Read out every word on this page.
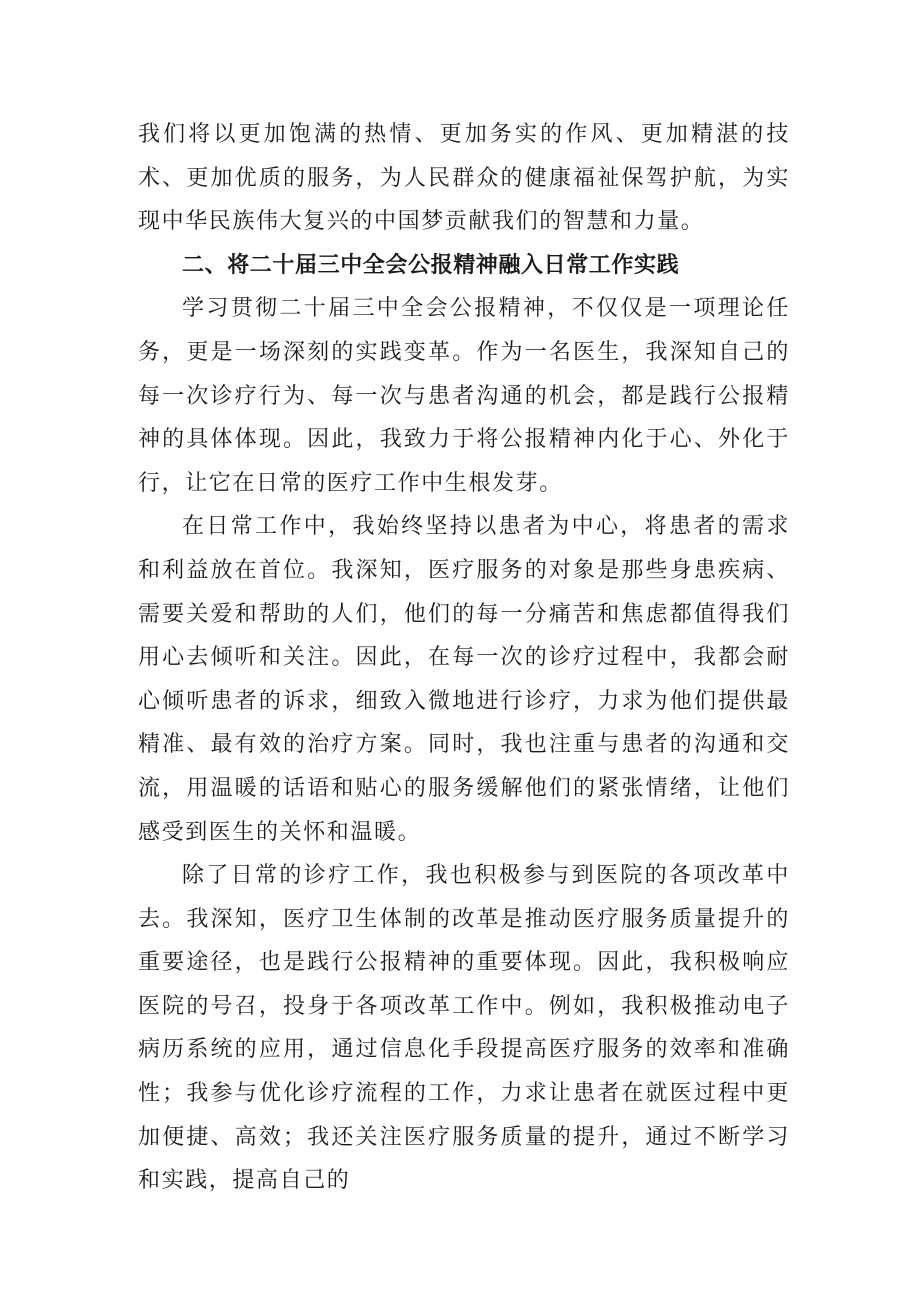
我们将以更加饱满的热情、更加务实的作风、更加精湛的技术、更加优质的服务，为人民群众的健康福祉保驾护航，为实现中华民族伟大复兴的中国梦贡献我们的智慧和力量。

二、将二十届三中全会公报精神融入日常工作实践

学习贯彻二十届三中全会公报精神，不仅仅是一项理论任务，更是一场深刻的实践变革。作为一名医生，我深知自己的每一次诊疗行为、每一次与患者沟通的机会，都是践行公报精神的具体体现。因此，我致力于将公报精神内化于心、外化于行，让它在日常的医疗工作中生根发芽。

在日常工作中，我始终坚持以患者为中心，将患者的需求和利益放在首位。我深知，医疗服务的对象是那些身患疾病、需要关爱和帮助的人们，他们的每一分痛苦和焦虑都值得我们用心去倾听和关注。因此，在每一次的诊疗过程中，我都会耐心倾听患者的诉求，细致入微地进行诊疗，力求为他们提供最精准、最有效的治疗方案。同时，我也注重与患者的沟通和交流，用温暖的话语和贴心的服务缓解他们的紧张情绪，让他们感受到医生的关怀和温暖。

除了日常的诊疗工作，我也积极参与到医院的各项改革中去。我深知，医疗卫生体制的改革是推动医疗服务质量提升的重要途径，也是践行公报精神的重要体现。因此，我积极响应医院的号召，投身于各项改革工作中。例如，我积极推动电子病历系统的应用，通过信息化手段提高医疗服务的效率和准确性；我参与优化诊疗流程的工作，力求让患者在就医过程中更加便捷、高效；我还关注医疗服务质量的提升，通过不断学习和实践，提高自己的
